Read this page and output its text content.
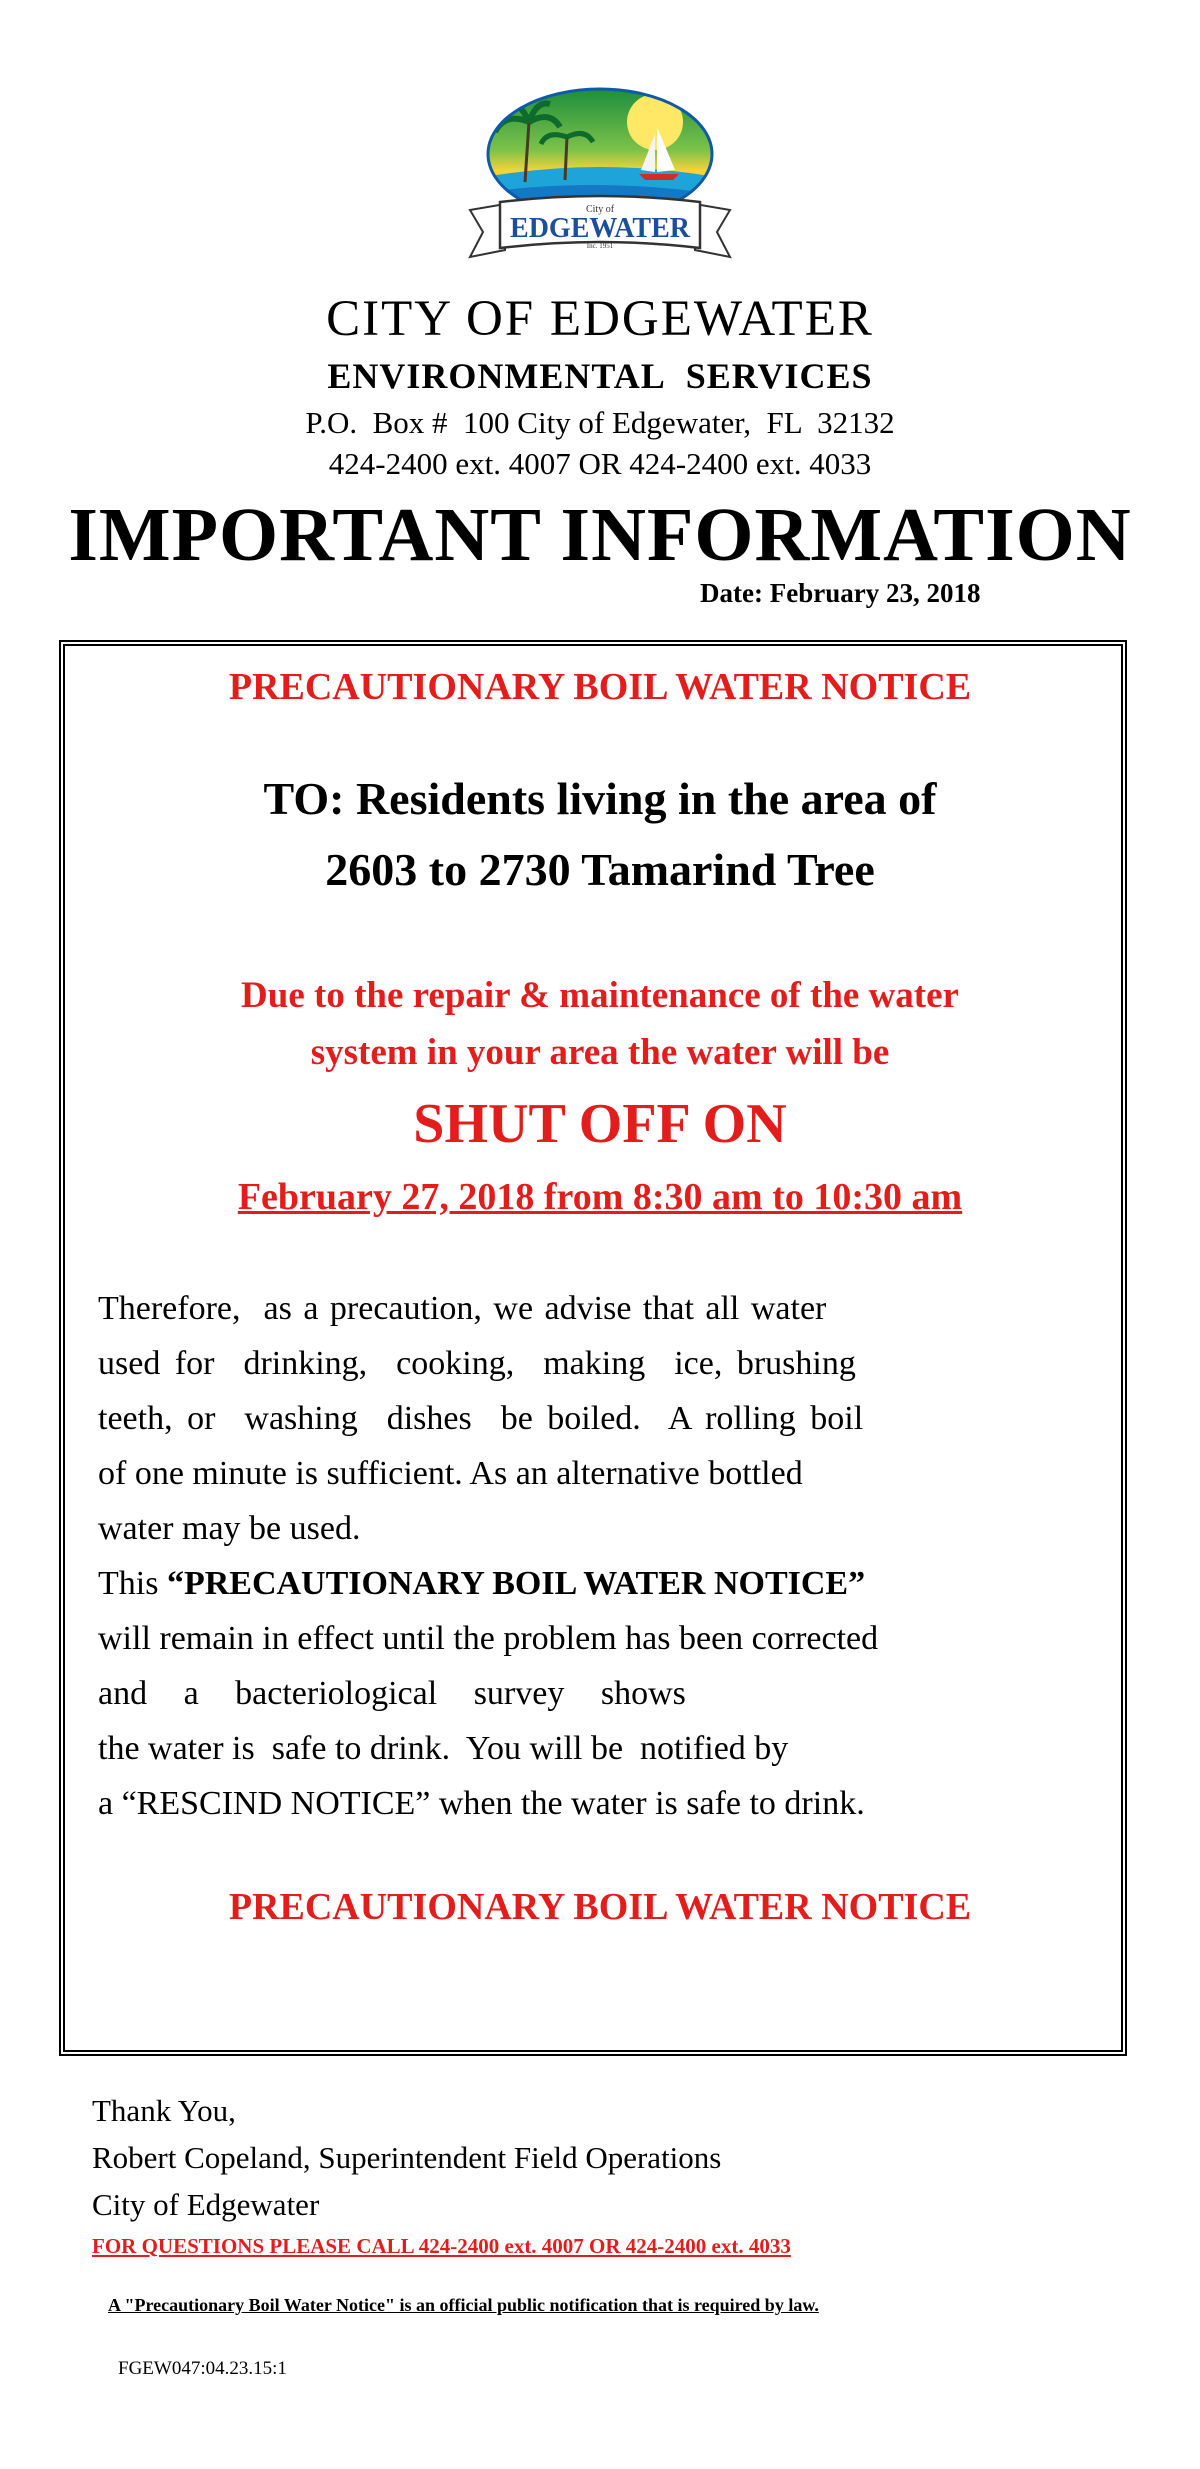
City of
EDGEWATER
Inc. 1951
CITY OF EDGEWATER
ENVIRONMENTAL SERVICES
P.O.  Box #  100 City of Edgewater,  FL  32132
424-2400 ext. 4007 OR 424-2400 ext. 4033
IMPORTANT INFORMATION
Date: February 23, 2018
PRECAUTIONARY BOIL WATER NOTICE
TO: Residents living in the area of
2603 to 2730 Tamarind Tree
Due to the repair & maintenance of the water
system in your area the water will be
SHUT OFF ON
February 27, 2018 from 8:30 am to 10:30 am
Therefore,  as a precaution, we advise that all water
used for  drinking,  cooking,  making  ice, brushing
teeth, or  washing  dishes  be boiled.  A rolling boil
of one minute is sufficient. As an alternative bottled
water may be used.
This “PRECAUTIONARY BOIL WATER NOTICE”
will remain in effect until the problem has been corrected
and a bacteriological survey shows
the water is  safe to drink.  You will be  notified by
a “RESCIND NOTICE” when the water is safe to drink.
PRECAUTIONARY BOIL WATER NOTICE
Thank You,
Robert Copeland, Superintendent Field Operations
City of Edgewater
FOR QUESTIONS PLEASE CALL 424-2400 ext. 4007 OR 424-2400 ext. 4033
A "Precautionary Boil Water Notice" is an official public notification that is required by law.
FGEW047:04.23.15:1
